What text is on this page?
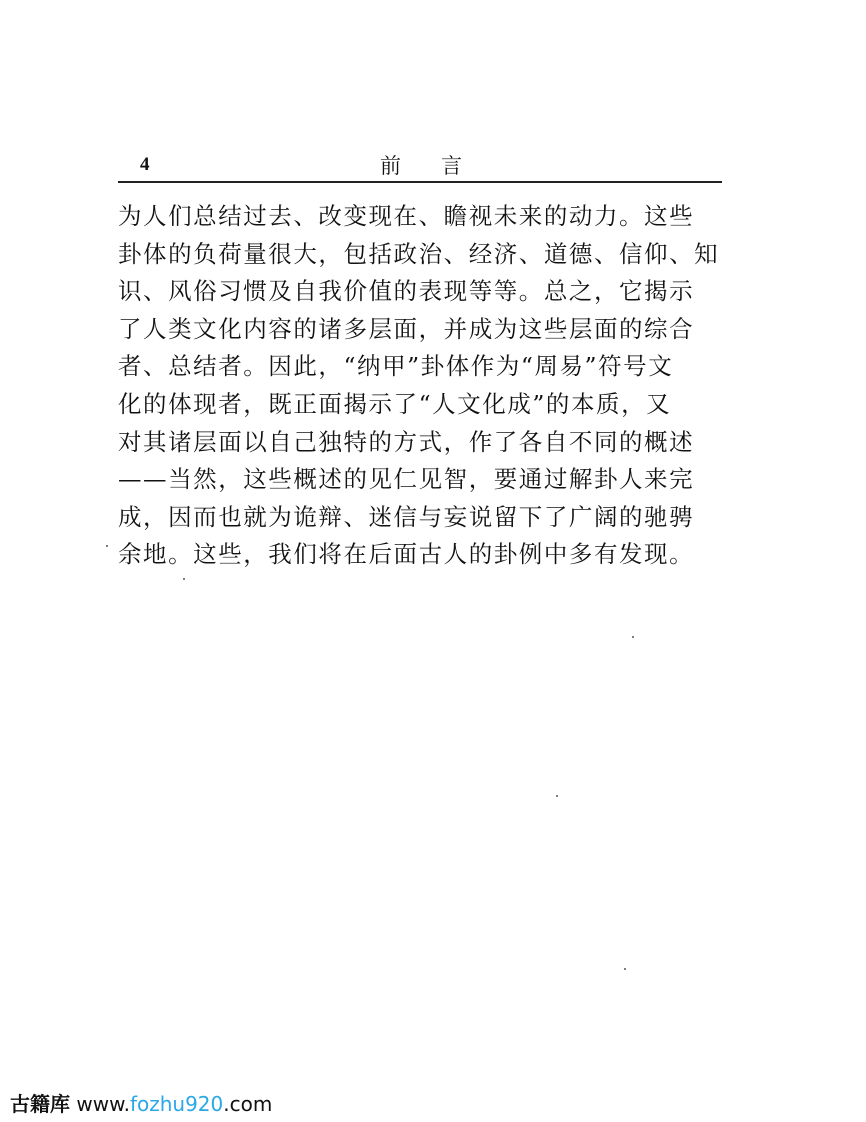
4	前言
为人们总结过去、改变现在、瞻视未来的动力。这些
卦体的负荷量很大，包括政治、经济、道德、信仰、知
识、风俗习惯及自我价值的表现等等。总之，它揭示
了人类文化内容的诸多层面，并成为这些层面的综合
者、总结者。因此，“纳甲”卦体作为“周易”符号文
化的体现者，既正面揭示了“人文化成”的本质，又
对其诸层面以自己独特的方式，作了各自不同的概述
——当然，这些概述的见仁见智，要通过解卦人来完
成，因而也就为诡辩、迷信与妄说留下了广阔的驰骋
余地。这些，我们将在后面古人的卦例中多有发现。
古籍库 www.fozhu920.com
